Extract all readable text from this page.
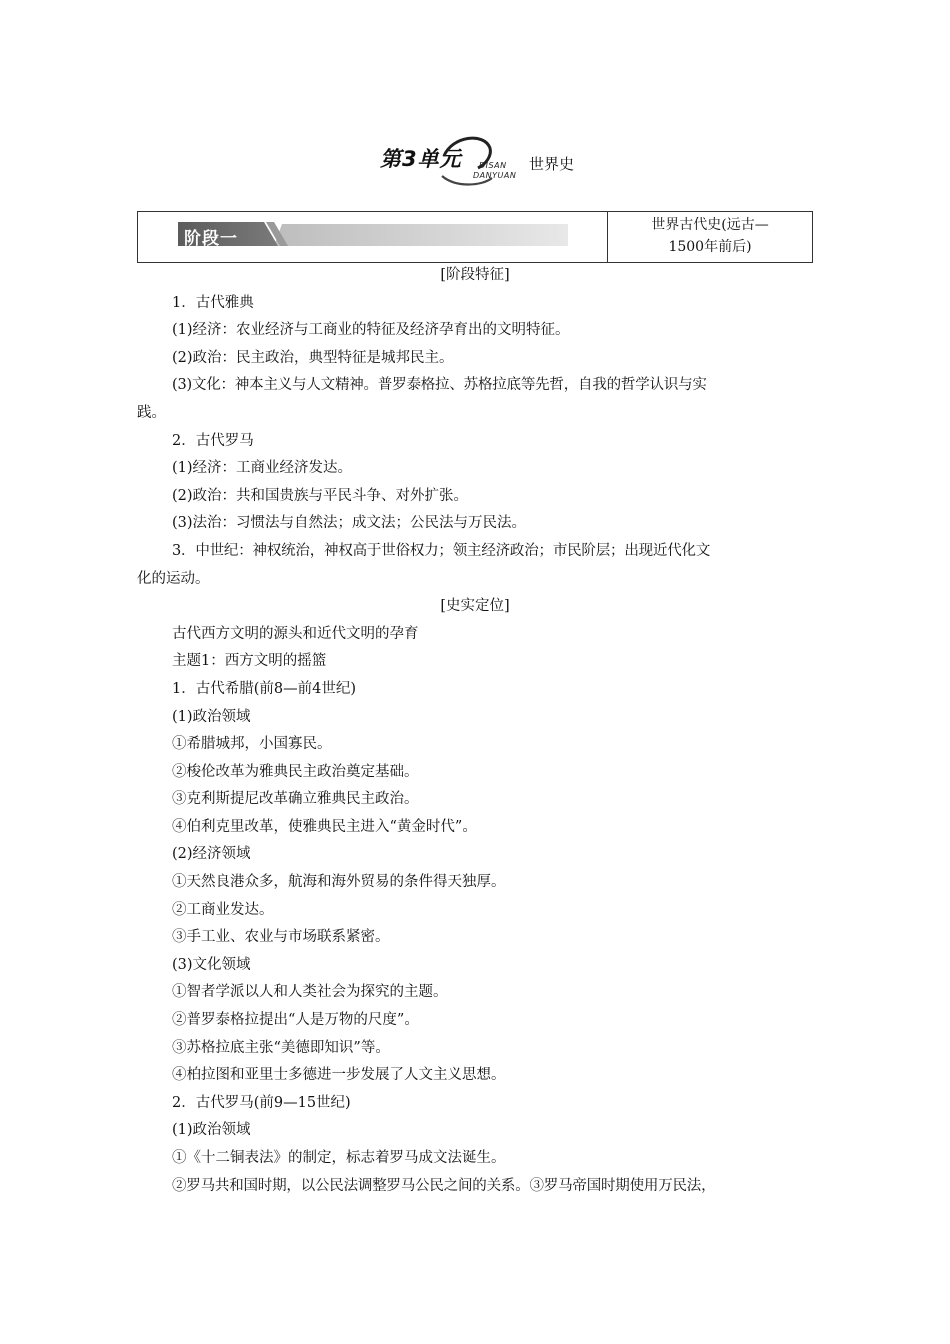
第3单元 DISAN
DANYUAN
世界史
阶段一
世界古代史(远古—
1500年前后)

[阶段特征]

1．古代雅典

(1)经济：农业经济与工商业的特征及经济孕育出的文明特征。

(2)政治：民主政治，典型特征是城邦民主。

(3)文化：神本主义与人文精神。普罗泰格拉、苏格拉底等先哲，自我的哲学认识与实

践。

2．古代罗马

(1)经济：工商业经济发达。

(2)政治：共和国贵族与平民斗争、对外扩张。

(3)法治：习惯法与自然法；成文法；公民法与万民法。

3．中世纪：神权统治，神权高于世俗权力；领主经济政治；市民阶层；出现近代化文

化的运动。

[史实定位]

古代西方文明的源头和近代文明的孕育

主题1：西方文明的摇篮

1．古代希腊(前8—前4世纪)

(1)政治领域

①希腊城邦，小国寡民。

②梭伦改革为雅典民主政治奠定基础。

③克利斯提尼改革确立雅典民主政治。

④伯利克里改革，使雅典民主进入“黄金时代”。

(2)经济领域

①天然良港众多，航海和海外贸易的条件得天独厚。

②工商业发达。

③手工业、农业与市场联系紧密。

(3)文化领域

①智者学派以人和人类社会为探究的主题。

②普罗泰格拉提出“人是万物的尺度”。

③苏格拉底主张“美德即知识”等。

④柏拉图和亚里士多德进一步发展了人文主义思想。

2．古代罗马(前9—15世纪)

(1)政治领域

①《十二铜表法》的制定，标志着罗马成文法诞生。

②罗马共和国时期，以公民法调整罗马公民之间的关系。③罗马帝国时期使用万民法，
